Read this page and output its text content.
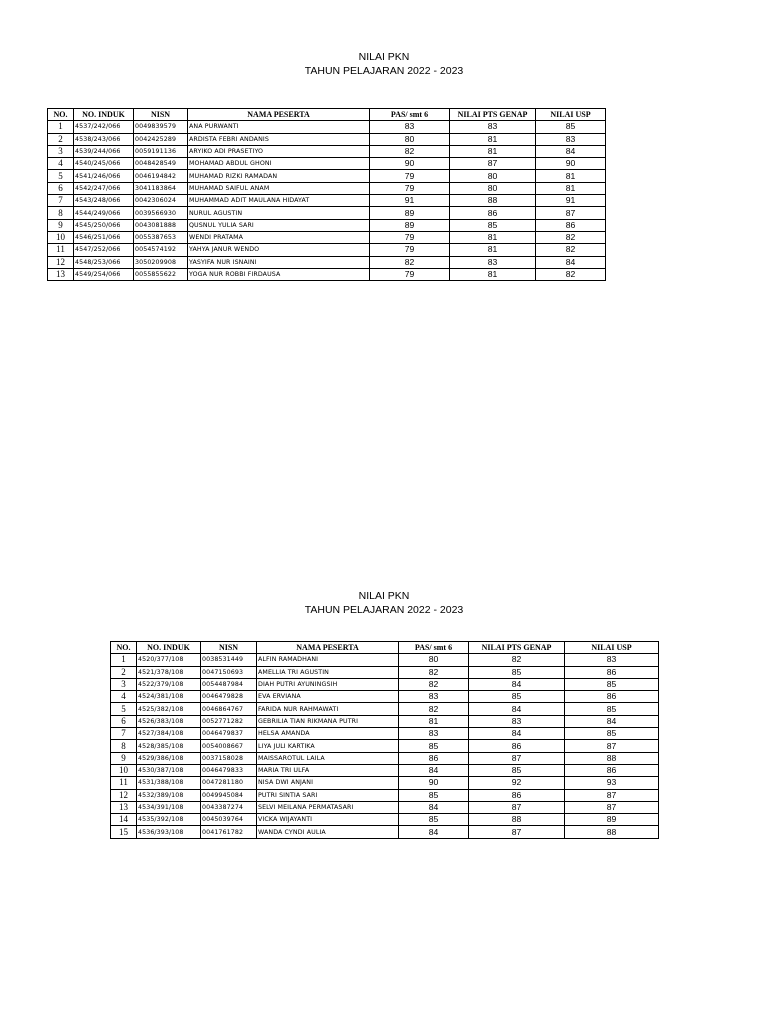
NILAI PKN
TAHUN PELAJARAN 2022 - 2023
NO.	NO. INDUK	NISN	NAMA PESERTA	PAS/ smt 6	NILAI PTS GENAP	NILAI USP
1	4537/242/066	0049839579	ANA PURWANTI	83	83	85
2	4538/243/066	0042425289	ARDISTA FEBRI ANDANIS	80	81	83
3	4539/244/066	0059191136	ARYIKO ADI PRASETIYO	82	81	84
4	4540/245/066	0048428549	MOHAMAD ABDUL GHONI	90	87	90
5	4541/246/066	0046194842	MUHAMAD RIZKI RAMADAN	79	80	81
6	4542/247/066	3041183864	MUHAMAD SAIFUL ANAM	79	80	81
7	4543/248/066	0042306024	MUHAMMAD ADIT MAULANA HIDAYAT	91	88	91
8	4544/249/066	0039566930	NURUL AGUSTIN	89	86	87
9	4545/250/066	0043081888	QUSNUL YULIA SARI	89	85	86
10	4546/251/066	0055387653	WENDI PRATAMA	79	81	82
11	4547/252/066	0054574192	YAHYA JANUR WENDO	79	81	82
12	4548/253/066	3050209908	YASYIFA NUR ISNAINI	82	83	84
13	4549/254/066	0055855622	YOGA NUR ROBBI FIRDAUSA	79	81	82
NILAI PKN
TAHUN PELAJARAN 2022 - 2023
NO.	NO. INDUK	NISN	NAMA PESERTA	PAS/ smt 6	NILAI PTS GENAP	NILAI USP
1	4520/377/108	0038531449	ALFIN RAMADHANI	80	82	83
2	4521/378/108	0047150693	AMELLIA TRI AGUSTIN	82	85	86
3	4522/379/108	0054487984	DIAH PUTRI AYUNINGSIH	82	84	85
4	4524/381/108	0046479828	EVA ERVIANA	83	85	86
5	4525/382/108	0046864767	FARIDA NUR RAHMAWATI	82	84	85
6	4526/383/108	0052771282	GEBRILIA TIAN RIKMANA PUTRI	81	83	84
7	4527/384/108	0046479837	HELSA AMANDA	83	84	85
8	4528/385/108	0054008667	LIYA JULI KARTIKA	85	86	87
9	4529/386/108	0037158028	MAISSAROTUL LAILA	86	87	88
10	4530/387/108	0046479833	MARIA TRI ULFA	84	85	86
11	4531/388/108	0047281180	NISA DWI ANJANI	90	92	93
12	4532/389/108	0049945084	PUTRI SINTIA SARI	85	86	87
13	4534/391/108	0043387274	SELVI MEILANA PERMATASARI	84	87	87
14	4535/392/108	0045039764	VICKA WIJAYANTI	85	88	89
15	4536/393/108	0041761782	WANDA CYNDI AULIA	84	87	88
